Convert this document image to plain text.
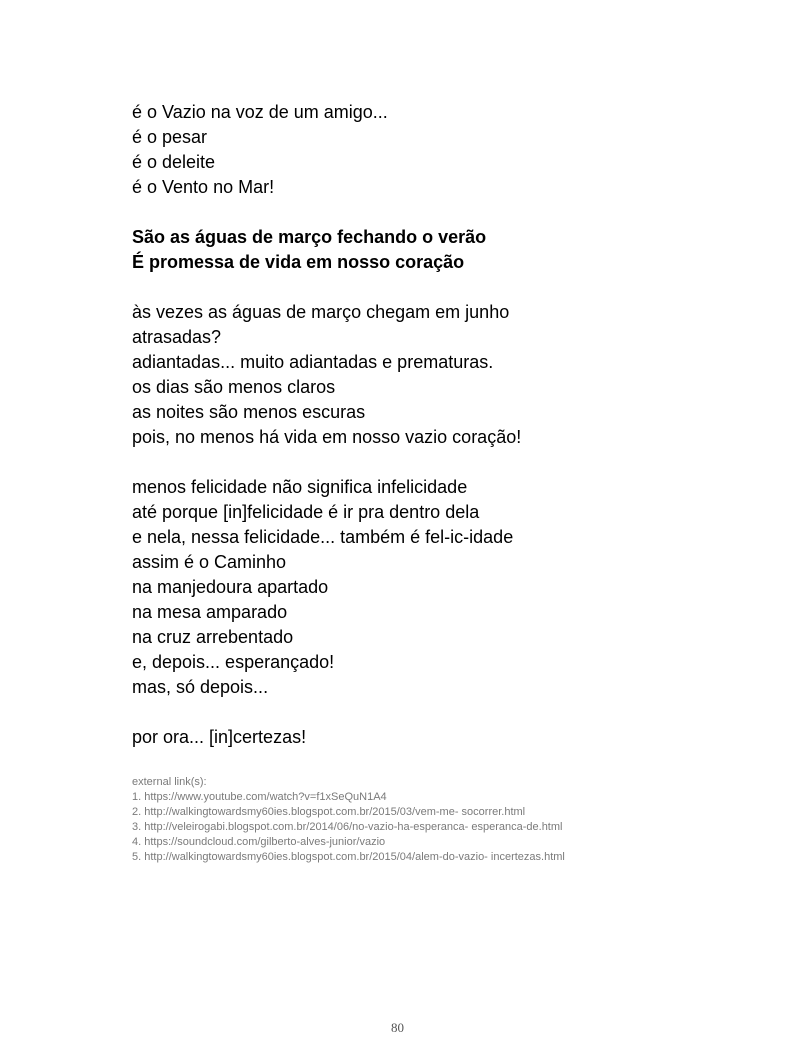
é o Vazio na voz de um amigo...
é o pesar
é o deleite
é o Vento no Mar!
São as águas de março fechando o verão
É promessa de vida em nosso coração
às vezes as águas de março chegam em junho
atrasadas?
adiantadas... muito adiantadas e prematuras.
os dias são menos claros
as noites são menos escuras
pois, no menos há vida em nosso vazio coração!
menos felicidade não significa infelicidade
até porque [in]felicidade é ir pra dentro dela
e nela, nessa felicidade... também é fel-ic-idade
assim é o Caminho
na manjedoura apartado
na mesa amparado
na cruz arrebentado
e, depois... esperançado!
mas, só depois...
por ora... [in]certezas!
external link(s):
1. https://www.youtube.com/watch?v=f1xSeQuN1A4
2. http://walkingtowardsmy60ies.blogspot.com.br/2015/03/vem-me- socorrer.html
3. http://veleirogabi.blogspot.com.br/2014/06/no-vazio-ha-esperanca- esperanca-de.html
4. https://soundcloud.com/gilberto-alves-junior/vazio
5. http://walkingtowardsmy60ies.blogspot.com.br/2015/04/alem-do-vazio- incertezas.html
80
